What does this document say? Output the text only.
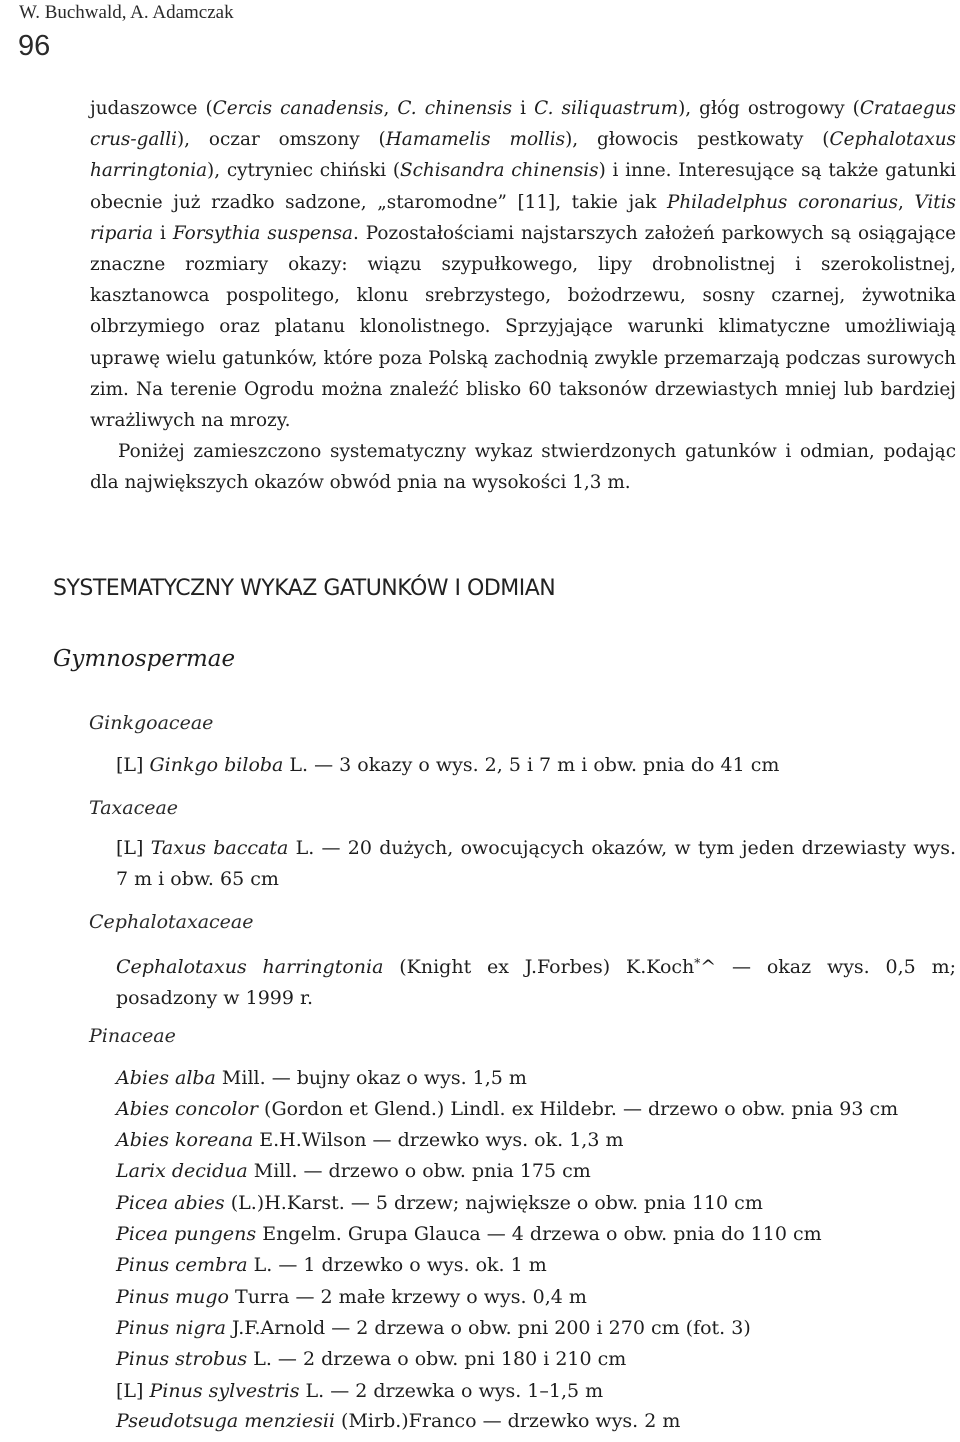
W. Buchwald, A. Adamczak
96

judaszowce (Cercis canadensis, C. chinensis i C. siliquastrum), głóg ostrogowy (Crataegus crus-galli), oczar omszony (Hamamelis mollis), głowocis pestkowaty (Cephalotaxus harringtonia), cytryniec chiński (Schisandra chinensis) i inne. Interesujące są także gatunki obecnie już rzadko sadzone, „staromodne” [11], takie jak Philadelphus coronarius, Vitis riparia i Forsythia suspensa. Pozostałościami najstarszych założeń parkowych są osiągające znaczne rozmiary okazy: wiązu szypułkowego, lipy drobnolistnej i szerokolistnej, kasztanowca pospolitego, klonu srebrzystego, bożodrzewu, sosny czarnej, żywotnika olbrzymiego oraz platanu klonolistnego. Sprzyjające warunki klimatyczne umożliwiają uprawę wielu gatunków, które poza Polską zachodnią zwykle przemarzają podczas surowych zim. Na terenie Ogrodu można znaleźć blisko 60 taksonów drzewiastych mniej lub bardziej wrażliwych na mrozy.

Poniżej zamieszczono systematyczny wykaz stwierdzonych gatunków i odmian, podając dla największych okazów obwód pnia na wysokości 1,3 m.

SYSTEMATYCZNY WYKAZ GATUNKÓW I ODMIAN
Gymnospermae
Ginkgoaceae

[L] Ginkgo biloba L. — 3 okazy o wys. 2, 5 i 7 m i obw. pnia do 41 cm

Taxaceae

[L] Taxus baccata L. — 20 dużych, owocujących okazów, w tym jeden drzewiasty wys. 7 m i obw. 65 cm

Cephalotaxaceae

Cephalotaxus harringtonia (Knight ex J.Forbes) K.Koch*^ — okaz wys. 0,5 m; posadzony w 1999 r.

Pinaceae

Abies alba Mill. — bujny okaz o wys. 1,5 m

Abies concolor (Gordon et Glend.) Lindl. ex Hildebr. — drzewo o obw. pnia 93 cm

Abies koreana E.H.Wilson — drzewko wys. ok. 1,3 m

Larix decidua Mill. — drzewo o obw. pnia 175 cm

Picea abies (L.)H.Karst. — 5 drzew; największe o obw. pnia 110 cm

Picea pungens Engelm. Grupa Glauca — 4 drzewa o obw. pnia do 110 cm

Pinus cembra L. — 1 drzewko o wys. ok. 1 m

Pinus mugo Turra — 2 małe krzewy o wys. 0,4 m

Pinus nigra J.F.Arnold — 2 drzewa o obw. pni 200 i 270 cm (fot. 3)

Pinus strobus L. — 2 drzewa o obw. pni 180 i 210 cm

[L] Pinus sylvestris L. — 2 drzewka o wys. 1–1,5 m

Pseudotsuga menziesii (Mirb.)Franco — drzewko wys. 2 m
